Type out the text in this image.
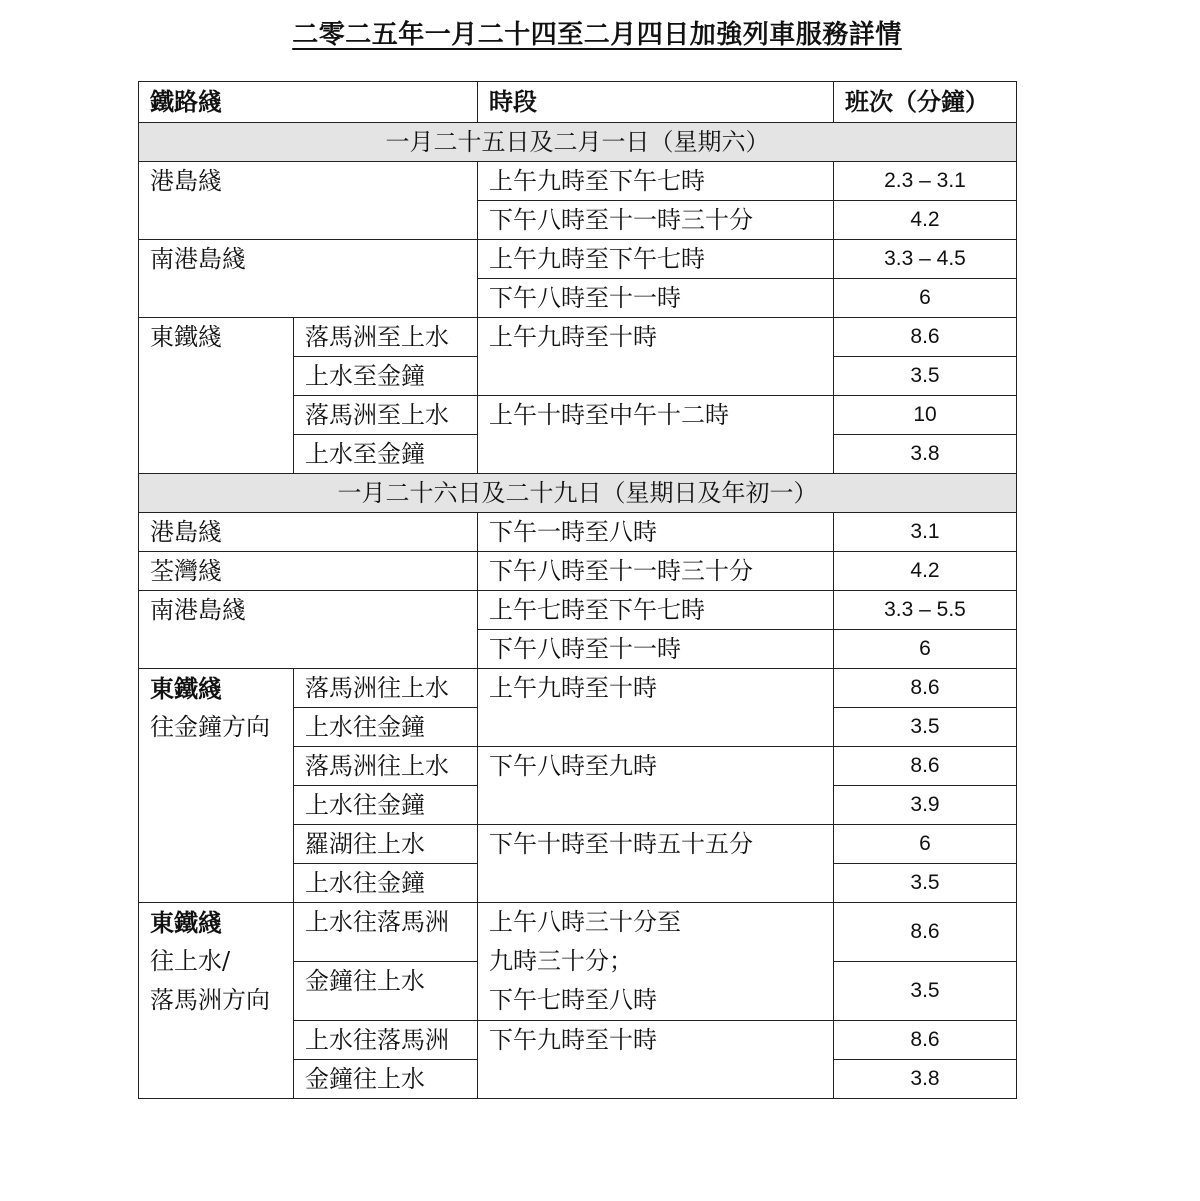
二零二五年一月二十四至二月四日加強列車服務詳情
鐵路綫		時段	班次（分鐘）
一月二十五日及二月一日（星期六）			
港島綫		上午九時至下午七時	2.3 – 3.1
		下午八時至十一時三十分	4.2
南港島綫		上午九時至下午七時	3.3 – 4.5
		下午八時至十一時	6
東鐵綫	落馬洲至上水	上午九時至十時	8.6
	上水至金鐘		3.5
	落馬洲至上水	上午十時至中午十二時	10
	上水至金鐘		3.8
一月二十六日及二十九日（星期日及年初一）			
港島綫		下午一時至八時	3.1
荃灣綫		下午八時至十一時三十分	4.2
南港島綫		上午七時至下午七時	3.3 – 5.5
		下午八時至十一時	6

東鐵綫
往金鐘方向	落馬洲往上水	上午九時至十時	8.6
	上水往金鐘		3.5
	落馬洲往上水	下午八時至九時	8.6
	上水往金鐘		3.9
	羅湖往上水	下午十時至十時五十五分	6
	上水往金鐘		3.5

東鐵綫
往上水/
落馬洲方向	上水往落馬洲	上午八時三十分至
九時三十分；
下午七時至八時	8.6
	金鐘往上水		3.5
	上水往落馬洲	下午九時至十時	8.6
	金鐘往上水		3.8
